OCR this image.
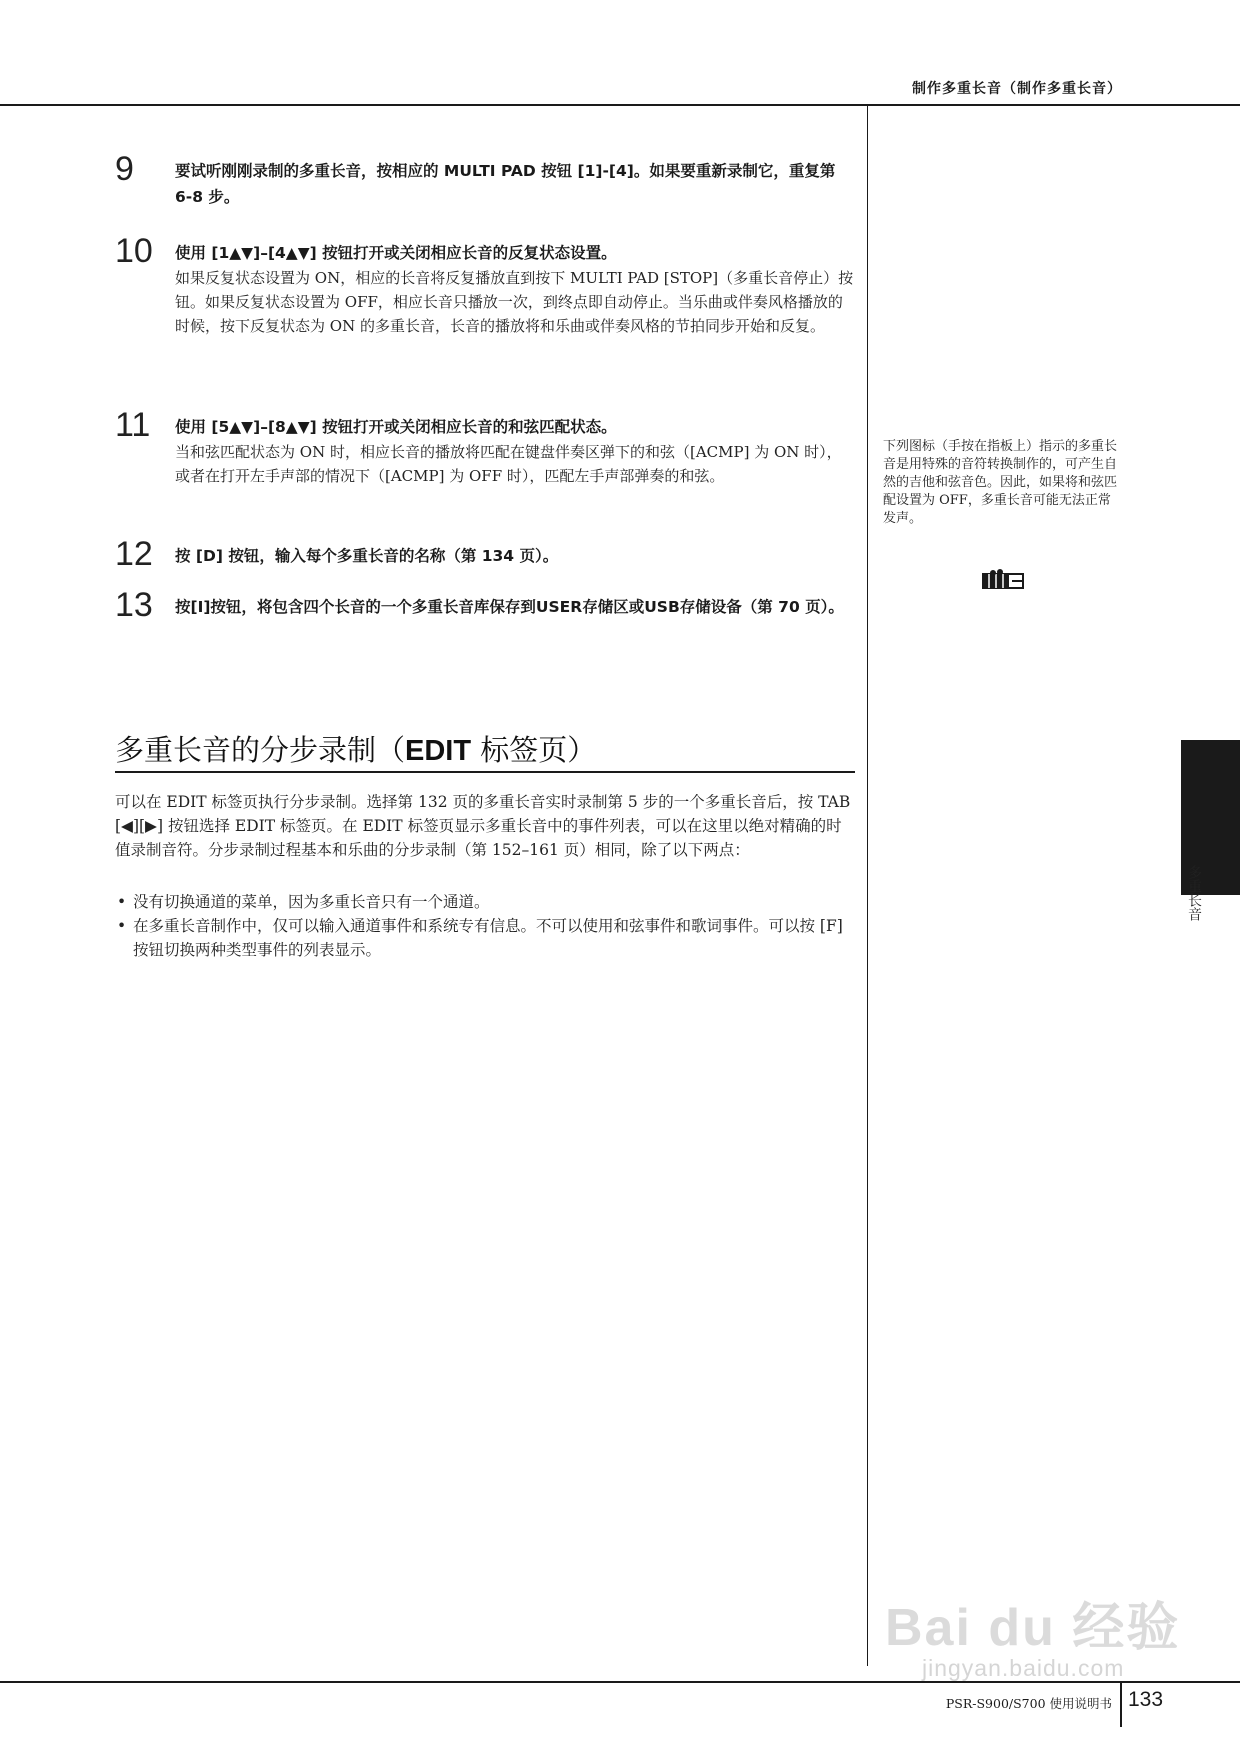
制作多重长音（制作多重长音）
9	要试听刚刚录制的多重长音，按相应的 MULTI PAD 按钮 [1]-[4]。如果要重新录制它，重复第 6-8 步。
10 使用 [1▲▼]–[4▲▼] 按钮打开或关闭相应长音的反复状态设置。
如果反复状态设置为 ON，相应的长音将反复播放直到按下 MULTI PAD [STOP]（多重长音停止）按钮。如果反复状态设置为 OFF，相应长音只播放一次，到终点即自动停止。当乐曲或伴奏风格播放的时候，按下反复状态为 ON 的多重长音，长音的播放将和乐曲或伴奏风格的节拍同步开始和反复。
11 使用 [5▲▼]–[8▲▼] 按钮打开或关闭相应长音的和弦匹配状态。
当和弦匹配状态为 ON 时，相应长音的播放将匹配在键盘伴奏区弹下的和弦（[ACMP] 为 ON 时），或者在打开左手声部的情况下（[ACMP] 为 OFF 时），匹配左手声部弹奏的和弦。
12 按 [D] 按钮，输入每个多重长音的名称（第 134 页）。
13 按[I]按钮，将包含四个长音的一个多重长音库保存到USER存储区或USB存储设备（第 70 页）。
多重长音的分步录制（EDIT 标签页）
可以在 EDIT 标签页执行分步录制。选择第 132 页的多重长音实时录制第 5 步的一个多重长音后，按 TAB [◀][▶] 按钮选择 EDIT 标签页。在 EDIT 标签页显示多重长音中的事件列表，可以在这里以绝对精确的时值录制音符。分步录制过程基本和乐曲的分步录制（第 152–161 页）相同，除了以下两点：
• 没有切换通道的菜单，因为多重长音只有一个通道。
• 在多重长音制作中，仅可以输入通道事件和系统专有信息。不可以使用和弦事件和歌词事件。可以按 [F] 按钮切换两种类型事件的列表显示。
下列图标（手按在指板上）指示的多重长音是用特殊的音符转换制作的，可产生自然的吉他和弦音色。因此，如果将和弦匹配设置为 OFF，多重长音可能无法正常发声。
多重长音
Bai du 经验
jingyan.baidu.com
PSR-S900/S700 使用说明书 133
